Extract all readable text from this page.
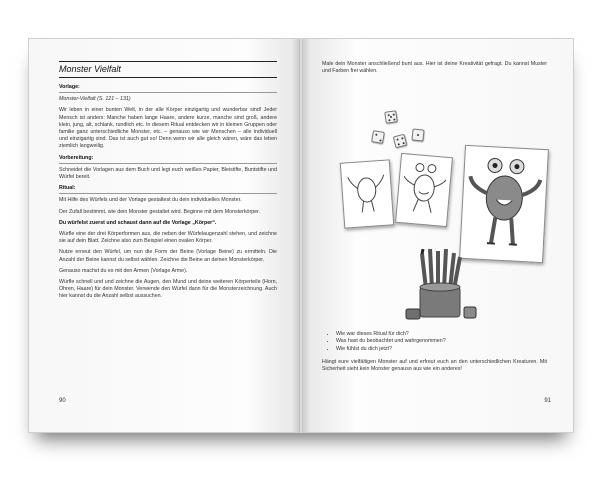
Monster Vielfalt

Vorlage:

Monster-Vielfalt (S. 121 – 131)

Wir leben in einer bunten Welt, in der alle Körper einzigartig und wunderbar sind! Jeder Mensch ist anders: Manche haben lange Haare, andere kurze, manche sind groß, andere klein, jung, alt, schlank, rundlich etc. In diesem Ritual entdecken wir in kleinen Gruppen oder familie ganz unterschiedliche Monster, etc. – genauso wie wir Menschen – alle individuell und einzigartig sind. Das ist auch gut so! Denn wenn wir alle gleich wären, wäre das leben ziemlich langweilig.

Vorbereitung:

Schneidet die Vorlagen aus dem Buch und legt euch weißes Papier, Bleistifte, Buntstifte und Würfel bereit.

Ritual:

Mit Hilfe des Würfels und der Vorlage gestaltest du dein individuelles Monster.

Der Zufall bestimmt, wie dein Monster gestaltet wird. Beginne mit dem Monsterkörper.

Du würfelst zuerst und schaust dann auf die Vorlage „Körper“.

Würfle eine der drei Körperformen aus, die neben der Würfelaugenzahl stehen, und zeichne sie auf dein Blatt. Zeichne also zum Beispiel einen ovalen Körper.

Nutze erneut den Würfel, um nun die Form der Beine (Vorlage Beine) zu ermitteln. Die Anzahl der Beine kannst du selbst wählen. Zeichne die Beine an deinen Monsterkörper.

Genauso machst du es mit den Armen (Vorlage Arme).

Würfle schnell und und zeichne die Augen, den Mund und deine weiteren Körperteile (Horn, Ohren, Haare) für dein Monster. Verwende den Würfel dann für die Monsterzeichnung. Auch hier kannst du die Anzahl selbst aussuchen.

90

Male dein Monster anschließend bunt aus. Hier ist deine Kreativität gefragt. Du kannst Muster und Farben frei wählen.

• Wie war dieses Ritual für dich?
• Was hast du beobachtet und wahrgenommen?
• Wie fühlst du dich jetzt?

Hängt eure vielfältigen Monster auf und erfreut euch an den unterschiedlichen Kreaturen. Mit Sicherheit sieht kein Monster genauso aus wie ein anderes!

91
